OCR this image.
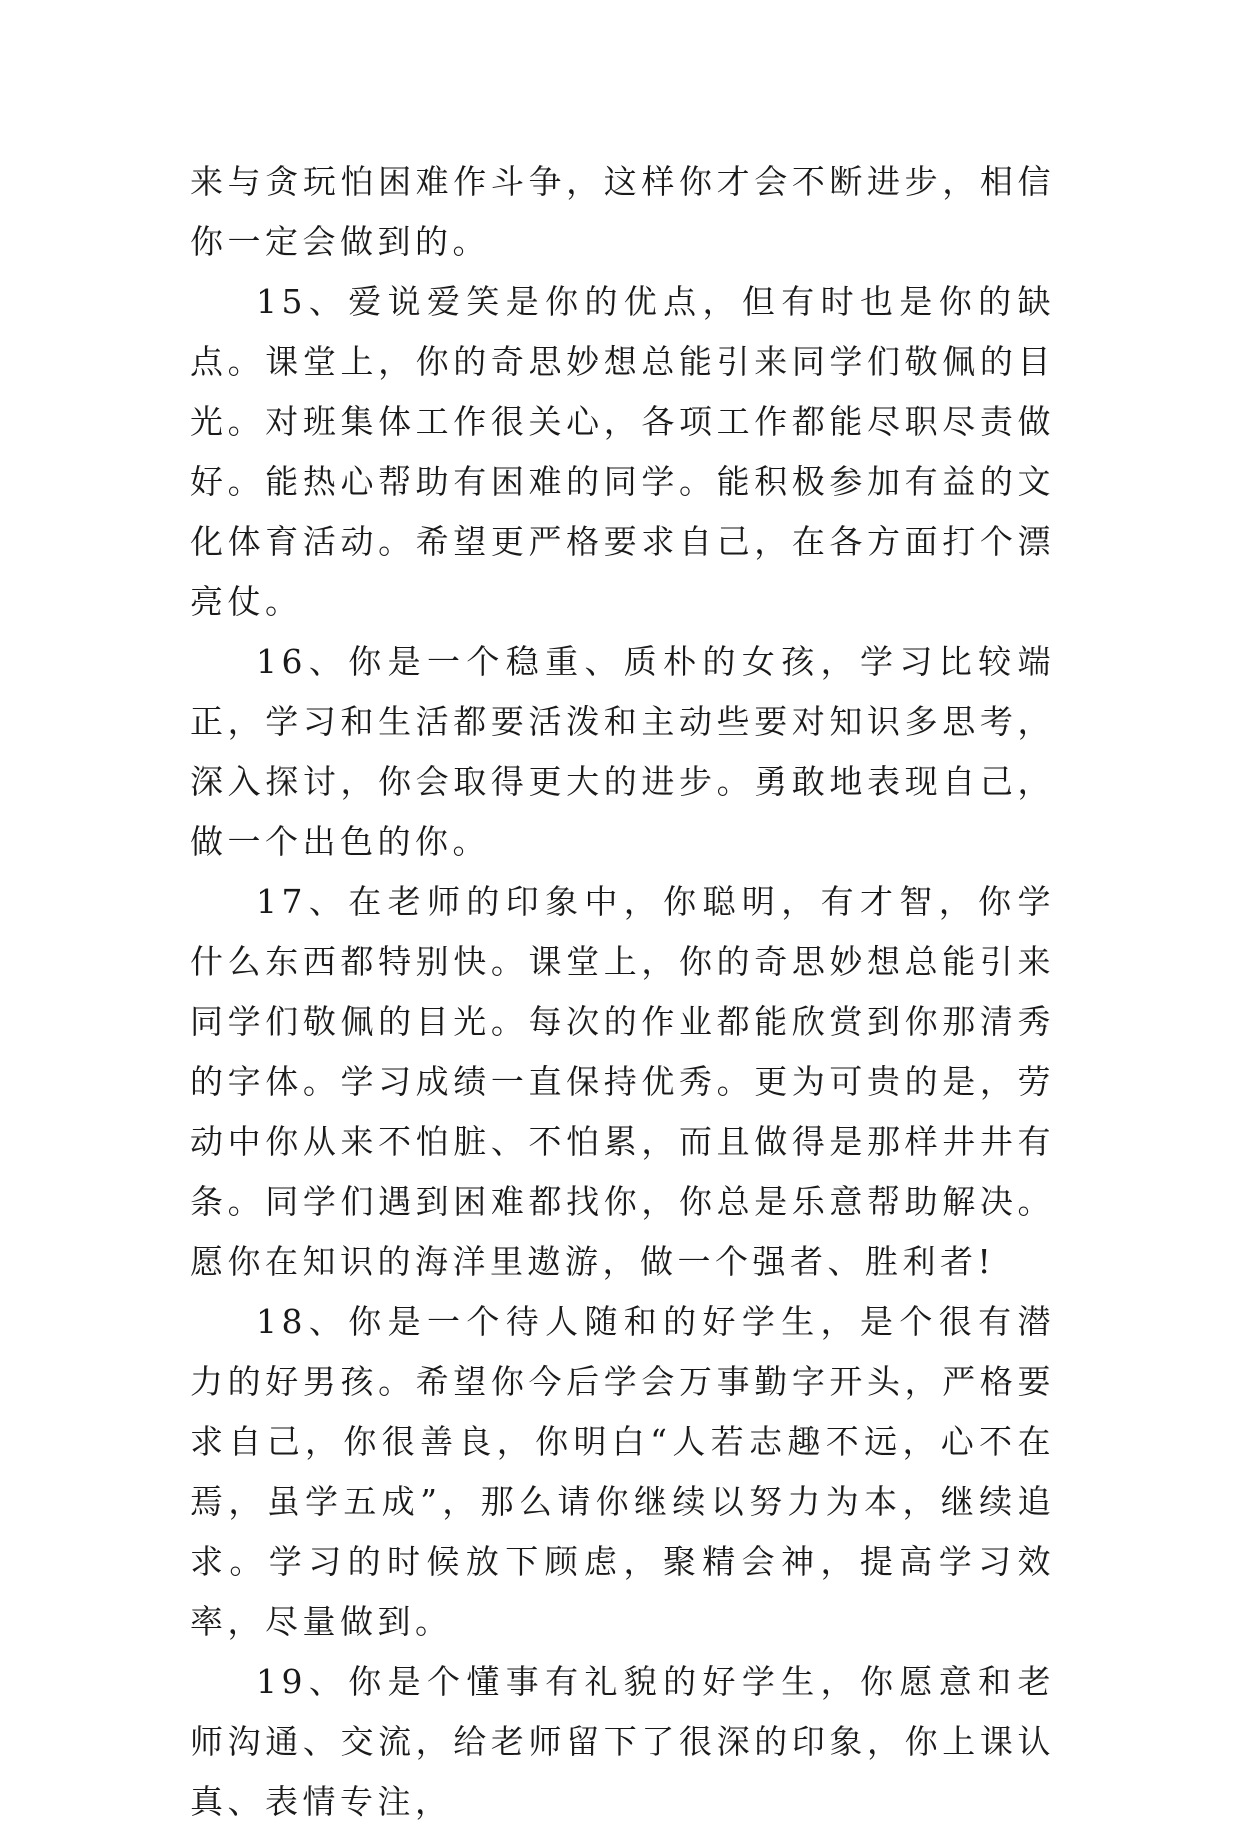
来与贪玩怕困难作斗争，这样你才会不断进步，相信你一定会做到的。

15、爱说爱笑是你的优点，但有时也是你的缺点。课堂上，你的奇思妙想总能引来同学们敬佩的目光。对班集体工作很关心，各项工作都能尽职尽责做好。能热心帮助有困难的同学。能积极参加有益的文化体育活动。希望更严格要求自己，在各方面打个漂亮仗。

16、你是一个稳重、质朴的女孩，学习比较端正，学习和生活都要活泼和主动些要对知识多思考，深入探讨，你会取得更大的进步。勇敢地表现自己，做一个出色的你。

17、在老师的印象中，你聪明，有才智，你学什么东西都特别快。课堂上，你的奇思妙想总能引来同学们敬佩的目光。每次的作业都能欣赏到你那清秀的字体。学习成绩一直保持优秀。更为可贵的是，劳动中你从来不怕脏、不怕累，而且做得是那样井井有条。同学们遇到困难都找你，你总是乐意帮助解决。愿你在知识的海洋里遨游，做一个强者、胜利者!

18、你是一个待人随和的好学生，是个很有潜力的好男孩。希望你今后学会万事勤字开头，严格要求自己，你很善良，你明白“人若志趣不远，心不在焉，虽学五成”，那么请你继续以努力为本，继续追求。学习的时候放下顾虑，聚精会神，提高学习效率，尽量做到。

19、你是个懂事有礼貌的好学生，你愿意和老师沟通、交流，给老师留下了很深的印象，你上课认真、表情专注，
